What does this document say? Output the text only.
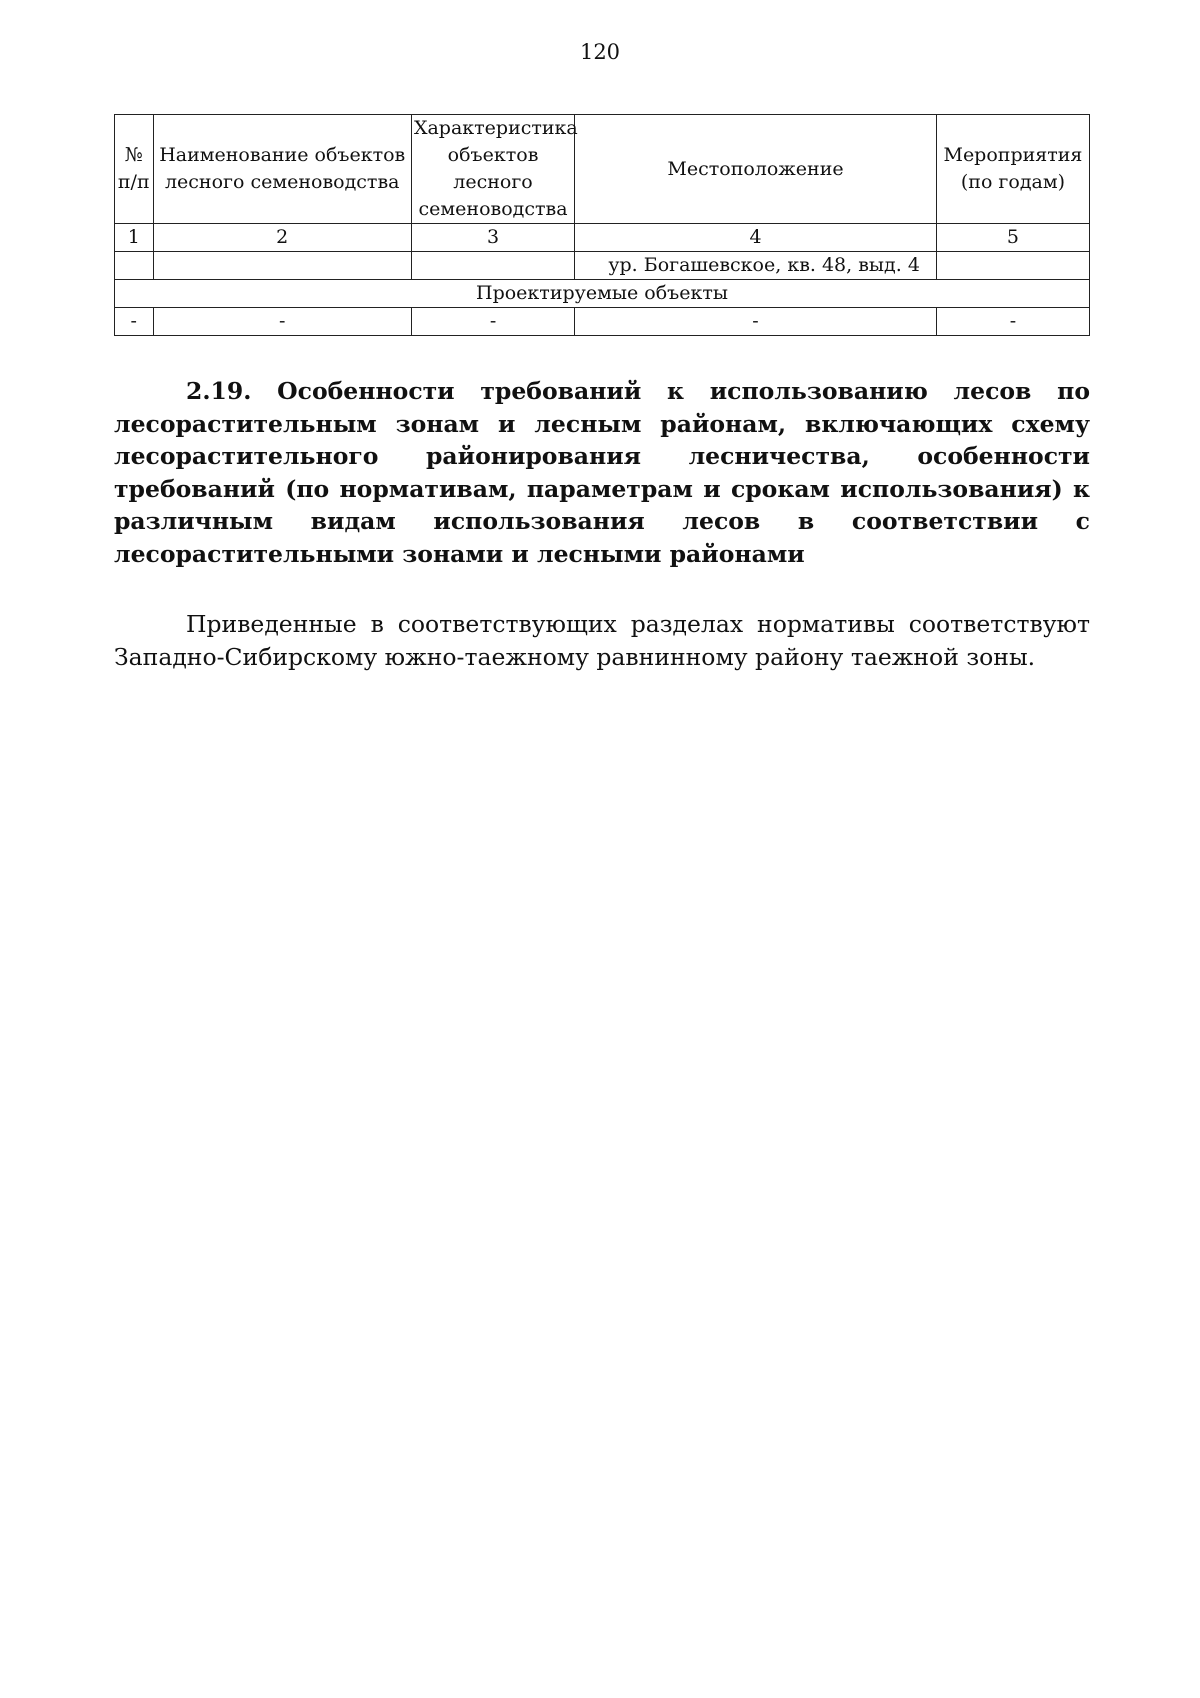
120
№ п/п	Наименование объектов лесного семеноводства	Характеристика объектов лесного семеноводства	Местоположение	Мероприятия (по годам)
1	2	3	4	5
			ур. Богашевское, кв. 48, выд. 4	
Проектируемые объекты				
-	-	-	-	-

2.19. Особенности требований к использованию лесов по лесорастительным зонам и лесным районам, включающих схему лесорастительного районирования лесничества, особенности требований (по нормативам, параметрам и срокам использования) к различным видам использования лесов в соответствии с лесорастительными зонами и лесными районами

Приведенные в соответствующих разделах нормативы соответствуют Западно-Сибирскому южно-таежному равнинному району таежной зоны.
